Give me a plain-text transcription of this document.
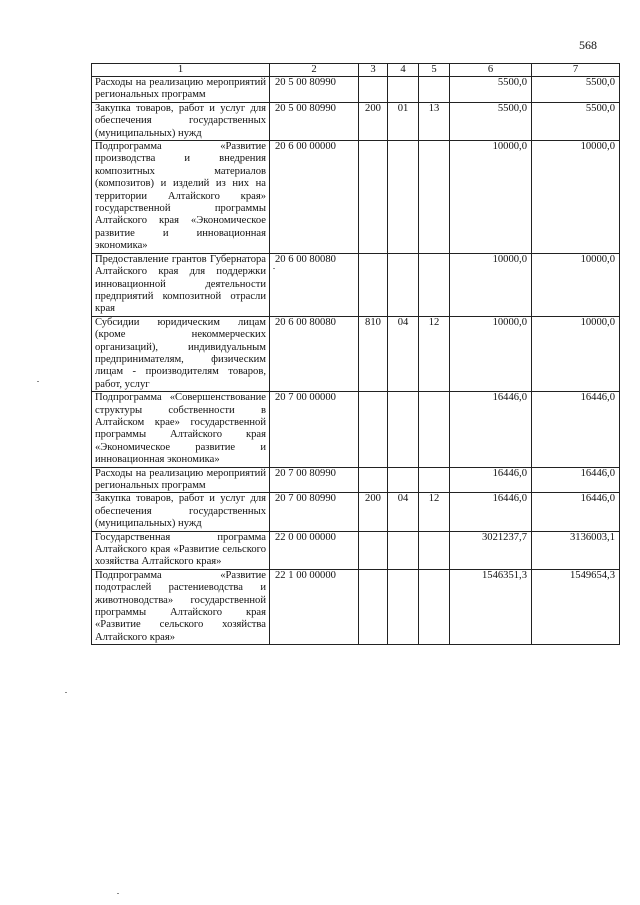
568
1	2	3	4	5	6	7
Расходы на реализацию мероприятий региональных программ	20 5 00 80990				5500,0	5500,0
Закупка товаров, работ и услуг для обеспечения государственных (муниципальных) нужд	20 5 00 80990	200	01	13	5500,0	5500,0
Подпрограмма «Развитие производства и внедрения композитных материалов (композитов) и изделий из них на территории Алтайского края» государственной программы Алтайского края «Экономическое развитие и инновационная экономика»	20 6 00 00000				10000,0	10000,0
Предоставление грантов Губернатора Алтайского края для поддержки инновационной деятельности предприятий композитной отрасли края	20 6 00 80080				10000,0	10000,0
Субсидии юридическим лицам (кроме некоммерческих организаций), индивидуальным предпринимателям, физическим лицам - производителям товаров, работ, услуг	20 6 00 80080	810	04	12	10000,0	10000,0
Подпрограмма «Совершенствование структуры собственности в Алтайском крае» государственной программы Алтайского края «Экономическое развитие и инновационная экономика»	20 7 00 00000				16446,0	16446,0
Расходы на реализацию мероприятий региональных программ	20 7 00 80990				16446,0	16446,0
Закупка товаров, работ и услуг для обеспечения государственных (муниципальных) нужд	20 7 00 80990	200	04	12	16446,0	16446,0
Государственная программа Алтайского края «Развитие сельского хозяйства Алтайского края»	22 0 00 00000				3021237,7	3136003,1
Подпрограмма «Развитие подотраслей растениеводства и животноводства» государственной программы Алтайского края «Развитие сельского хозяйства Алтайского края»	22 1 00 00000				1546351,3	1549654,3
